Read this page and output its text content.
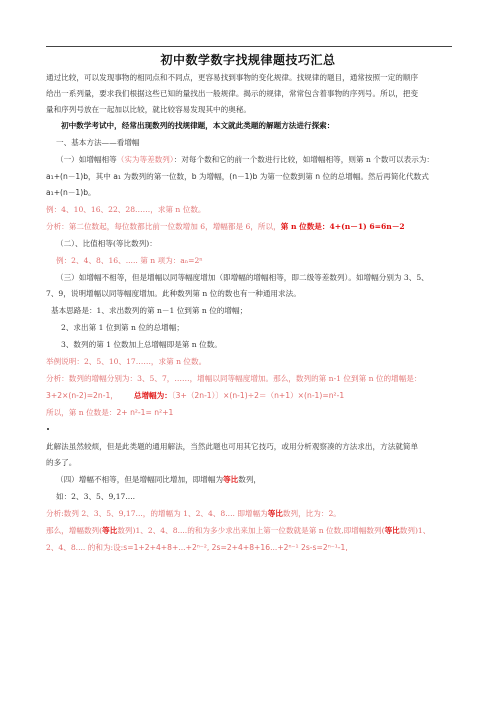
初中数学数字找规律题技巧汇总
通过比较，可以发现事物的相同点和不同点，更容易找到事物的变化规律。找规律的题目，通常按照一定的顺序
给出一系列量，要求我们根据这些已知的量找出一般规律。揭示的规律，常常包含着事物的序列号。所以，把变
量和序列号放在一起加以比较，就比较容易发现其中的奥秘。
初中数学考试中，经常出现数列的找规律题，本文就此类题的解题方法进行探索：
一、基本方法——看增幅
（一）如增幅相等（实为等差数列）：对每个数和它的前一个数进行比较，如增幅相等，则第 n 个数可以表示为：
a₁+(n－1)b，其中 a₁ 为数列的第一位数，b 为增幅，(n－1)b 为第一位数到第 n 位的总增幅。然后再简化代数式
a₁+(n－1)b。
例：4、10、16、22、28……，求第 n 位数。
分析：第二位数起，每位数都比前一位数增加 6，增幅都是 6，所以，第 n 位数是：4+(n－1) 6=6n－2
（二）、比值相等(等比数列)：
例：2、4、8、16、..... 第 n 项为：aₙ=2ⁿ
（三）如增幅不相等，但是增幅以同等幅度增加（即增幅的增幅相等，即二级等差数列）。如增幅分别为 3、5、
7、9，说明增幅以同等幅度增加。此种数列第 n 位的数也有一种通用求法。
基本思路是：1、求出数列的第 n－1 位到第 n 位的增幅；
2、求出第 1 位到第 n 位的总增幅；
3、数列的第 1 位数加上总增幅即是第 n 位数。
举例说明：2、5、10、17……，求第 n 位数。
分析：数列的增幅分别为：3、5、7，……，增幅以同等幅度增加。那么，数列的第 n-1 位到第 n 位的增幅是：
3+2×(n-2)=2n-1， 总增幅为：〔3+（2n-1）〕×(n-1)÷2＝（n+1）×(n-1)=n²-1
所以，第 n 位数是：2+ n²-1= n²+1
此解法虽然较烦，但是此类题的通用解法，当然此题也可用其它技巧，或用分析观察凑的方法求出，方法就简单
的多了。
（四）增幅不相等，但是增幅同比增加，即增幅为等比数列，
如：2、3、5、9,17....
分析:数列 2、3、5、9,17...，的增幅为 1、2、4、8.... 即增幅为等比数列，比为：2。
那么，增幅数列(等比数列)1、2、4、8....的和为多少求出来加上第一位数就是第 n 位数,即增幅数列(等比数列)1、
2、4、8.... 的和为:设:s=1+2+4+8+...+2ⁿ⁻², 2s=2+4+8+16...+2ⁿ⁻¹ 2s-s=2ⁿ⁻¹-1,
